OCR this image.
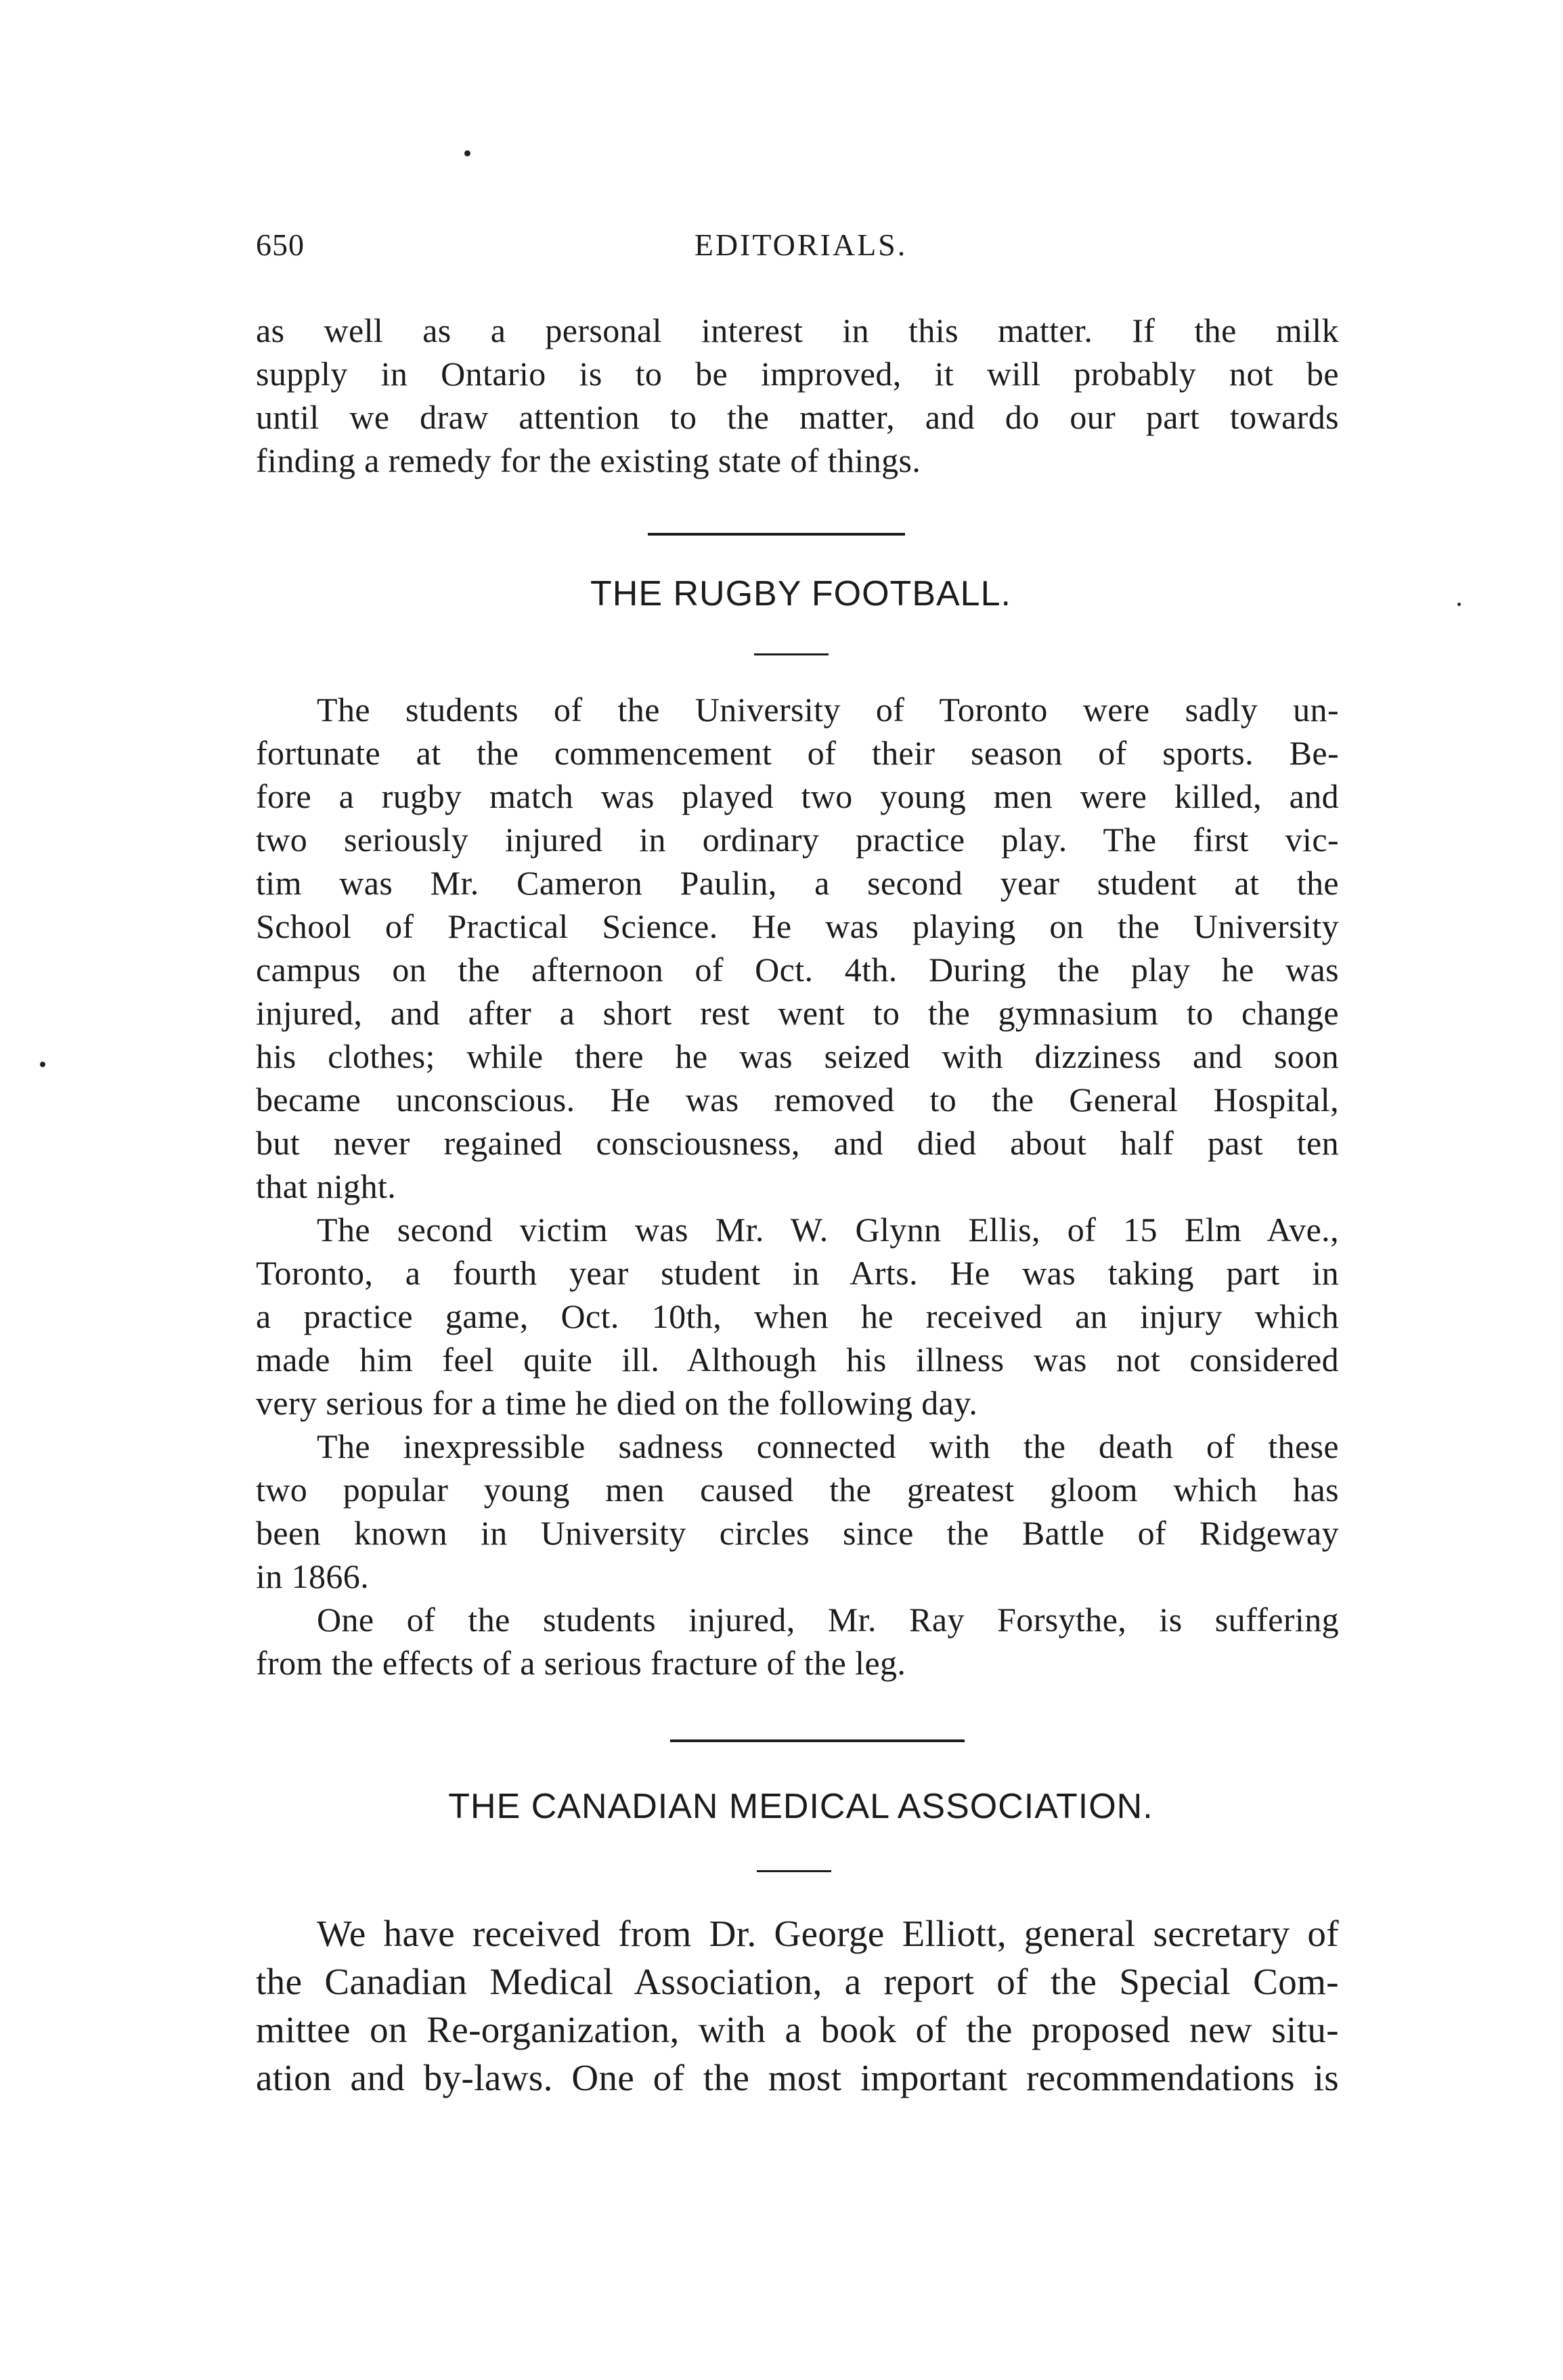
650	EDITORIALS.
as well as a personal interest in this matter. If the milk
supply in Ontario is to be improved, it will probably not be
until we draw attention to the matter, and do our part towards
finding a remedy for the existing state of things.
THE RUGBY FOOTBALL.
The students of the University of Toronto were sadly un-
fortunate at the commencement of their season of sports. Be-
fore a rugby match was played two young men were killed, and
two seriously injured in ordinary practice play. The first vic-
tim was Mr. Cameron Paulin, a second year student at the
School of Practical Science. He was playing on the University
campus on the afternoon of Oct. 4th. During the play he was
injured, and after a short rest went to the gymnasium to change
his clothes; while there he was seized with dizziness and soon
became unconscious. He was removed to the General Hospital,
but never regained consciousness, and died about half past ten
that night.
The second victim was Mr. W. Glynn Ellis, of 15 Elm Ave.,
Toronto, a fourth year student in Arts. He was taking part in
a practice game, Oct. 10th, when he received an injury which
made him feel quite ill. Although his illness was not considered
very serious for a time he died on the following day.
The inexpressible sadness connected with the death of these
two popular young men caused the greatest gloom which has
been known in University circles since the Battle of Ridgeway
in 1866.
One of the students injured, Mr. Ray Forsythe, is suffering
from the effects of a serious fracture of the leg.
THE CANADIAN MEDICAL ASSOCIATION.
We have received from Dr. George Elliott, general secretary of
the Canadian Medical Association, a report of the Special Com-
mittee on Re-organization, with a book of the proposed new situ-
ation and by-laws. One of the most important recommendations is
